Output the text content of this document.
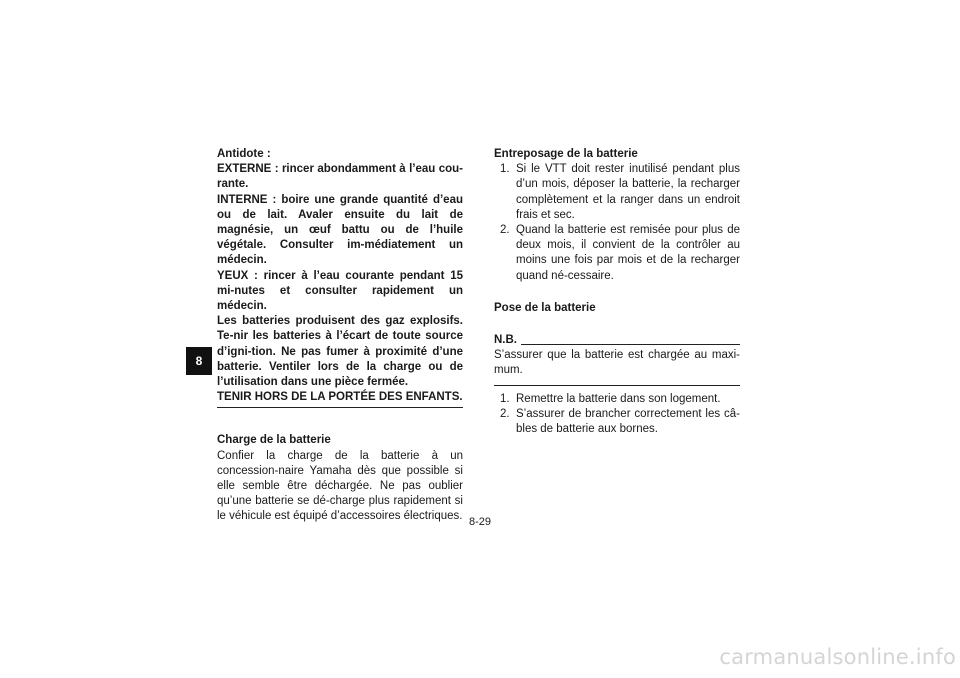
8

Antidote :

EXTERNE : rincer abondamment à l’eau cou-rante.

INTERNE : boire une grande quantité d’eau ou de lait. Avaler ensuite du lait de magnésie, un œuf battu ou de l’huile végétale. Consulter im-médiatement un médecin.

YEUX : rincer à l’eau courante pendant 15 mi-nutes et consulter rapidement un médecin.

Les batteries produisent des gaz explosifs. Te-nir les batteries à l’écart de toute source d’igni-tion. Ne pas fumer à proximité d’une batterie. Ventiler lors de la charge ou de l’utilisation dans une pièce fermée.

TENIR HORS DE LA PORTÉE DES ENFANTS.

Charge de la batterie

Confier la charge de la batterie à un concession-naire Yamaha dès que possible si elle semble être déchargée. Ne pas oublier qu’une batterie se dé-charge plus rapidement si le véhicule est équipé d’accessoires électriques.

Entreposage de la batterie

1. Si le VTT doit rester inutilisé pendant plus d’un mois, déposer la batterie, la recharger complètement et la ranger dans un endroit frais et sec.
2. Quand la batterie est remisée pour plus de deux mois, il convient de la contrôler au moins une fois par mois et de la recharger quand né-cessaire.

Pose de la batterie

N.B.

S’assurer que la batterie est chargée au maxi-mum.

1. Remettre la batterie dans son logement.
2. S’assurer de brancher correctement les câ-bles de batterie aux bornes.
8-29
carmanualsonline.info
